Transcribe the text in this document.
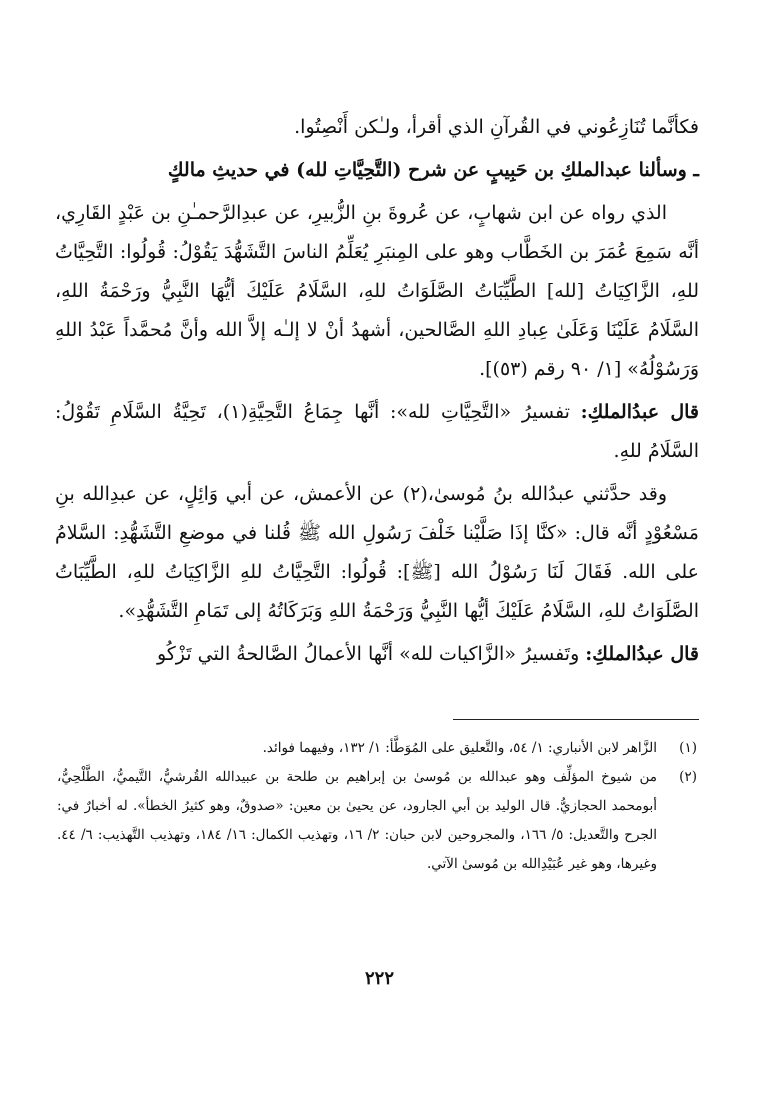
فكأنَّما تُنَازِعُوني في القُرآنِ الذي أقرأ، ولـٰكن أَنْصِتُوا.

ـ وسألنا عبدالملكِ بن حَبِيبٍ عن شرح (التَّحِيَّاتِ لله) في حديثِ مالكٍ

الذي رواه عن ابن شهابٍ، عن عُروةَ بنِ الزُّبيرِ، عن عبدِالرَّحمـٰنِ بن عَبْدٍ القَارِي، أنَّه سَمِعَ عُمَرَ بن الخَطَّاب وهو على المِنبَرِ يُعَلِّمُ الناسَ التَّشَهُّدَ يَقُوْلُ: قُولُوا: التَّحِيَّاتُ للهِ، الزَّاكِيَاتُ [لله] الطَّيِّبَاتُ الصَّلَوَاتُ للهِ، السَّلَامُ عَلَيْكَ أيُّهَا النَّبِيُّ ورَحْمَةُ اللهِ، السَّلَامُ عَلَيْنَا وَعَلَىٰ عِبادِ اللهِ الصَّالحين، أشهدُ أنْ لا إلـٰه إلاَّ الله وأنَّ مُحمَّداً عَبْدُ اللهِ وَرَسُوْلُهُ» [١/ ٩٠ رقم (٥٣)].

قال عبدُالملكِ: تفسيرُ «التَّحِيَّاتِ لله»: أنَّها جِمَاعُ التَّحِيَّةِ(١)، تَحِيَّةُ السَّلَامِ تَقُوْلُ: السَّلَامُ للهِ.

وقد حدَّثني عبدُالله بنُ مُوسىٰ،(٢) عن الأعمش، عن أبي وَائِلٍ، عن عبدِالله بنِ مَسْعُوْدٍ أنَّه قال: «كنَّا إذَا صَلَّيْنا خَلْفَ رَسُولِ الله ﷺ قُلنا في موضعِ التَّشَهُّدِ: السَّلامُ على الله. فَقَالَ لَنَا رَسُوْلُ الله [ﷺ]: قُولُوا: التَّحِيَّاتُ للهِ الزَّاكِيَاتُ للهِ، الطَّيِّبَاتُ الصَّلَوَاتُ للهِ، السَّلَامُ عَلَيْكَ أيُّها النَّبِيُّ وَرَحْمَةُ اللهِ وَبَرَكَاتُهُ إلى تَمَامِ التَّشَهُّدِ».

قال عبدُالملكِ: وتَفسيرُ «الزَّاكيات لله» أنَّها الأعمالُ الصَّالحةُ التي تَزْكُو

(١)
الزَّاهر لابن الأنباري: ١/ ٥٤، والتَّعليق على المُوَطَّأ: ١/ ١٣٢، وفيهما فوائد.
(٢)
من شيوخ المؤلِّف وهو عبدالله بن مُوسىٰ بن إبراهيم بن طلحة بن عبيدالله القُرشيُّ، التَّيميُّ، الطَّلْحِيُّ، أبومحمد الحجازيُّ. قال الوليد بن أبي الجارود، عن يحيىٰ بن معين: «صدوقٌ، وهو كثيرُ الخطأ». له أخبارٌ في: الجرح والتَّعديل: ٥/ ١٦٦، والمجروحين لابن حبان: ٢/ ١٦، وتهذيب الكمال: ١٦/ ١٨٤، وتهذيب التَّهذيب: ٦/ ٤٤. وغيرها، وهو غير عُبَيْدِالله بن مُوسىٰ الآتي.
٢٢٢
